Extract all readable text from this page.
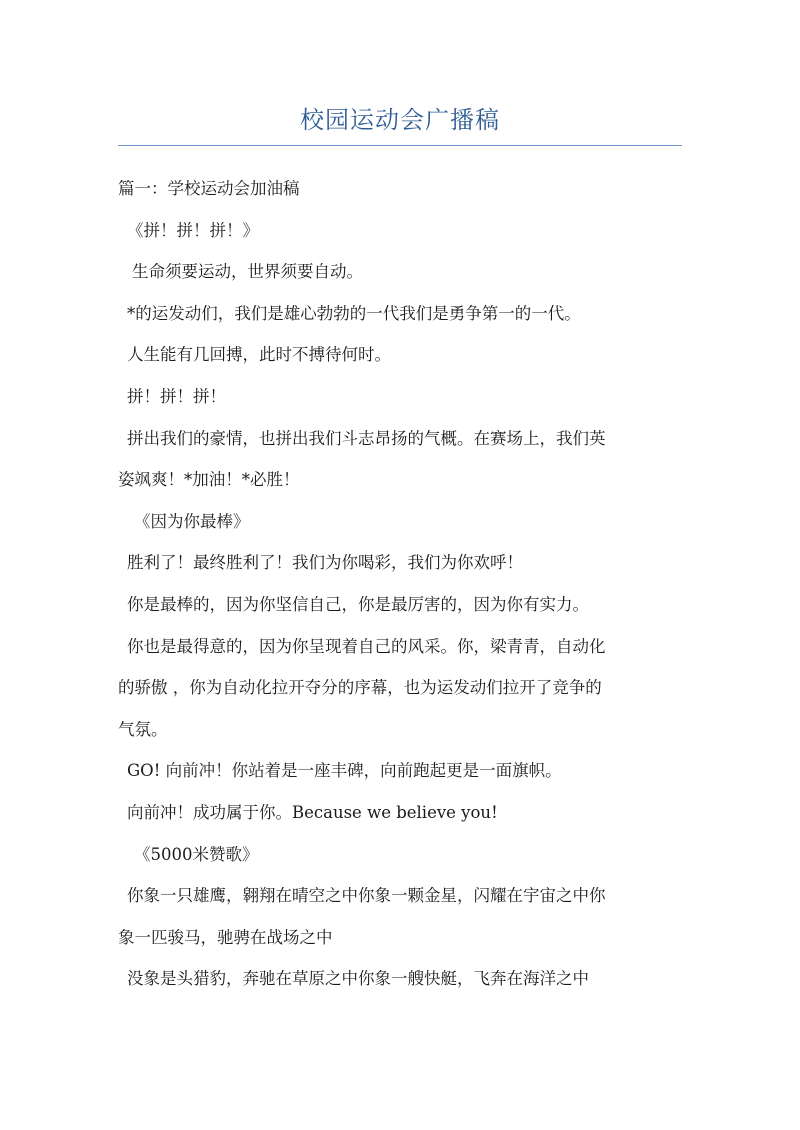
校园运动会广播稿
篇一：学校运动会加油稿
《拼！拼！拼！》
生命须要运动，世界须要自动。
*的运发动们，我们是雄心勃勃的一代我们是勇争第一的一代。
人生能有几回搏，此时不搏待何时。
拼！拼！拼！
拼出我们的豪情，也拼出我们斗志昂扬的气概。在赛场上，我们英
姿飒爽！*加油！*必胜！
《因为你最棒》
胜利了！最终胜利了！我们为你喝彩，我们为你欢呼！
你是最棒的，因为你坚信自己，你是最厉害的，因为你有实力。
你也是最得意的，因为你呈现着自己的风采。你，梁青青，自动化
的骄傲 ，你为自动化拉开夺分的序幕，也为运发动们拉开了竞争的
气氛。
GO! 向前冲！你站着是一座丰碑，向前跑起更是一面旗帜。
向前冲！成功属于你。Because we believe you!
《5000米赞歌》
你象一只雄鹰，翱翔在晴空之中你象一颗金星，闪耀在宇宙之中你
象一匹骏马，驰骋在战场之中
没象是头猎豹，奔驰在草原之中你象一艘快艇，飞奔在海洋之中
